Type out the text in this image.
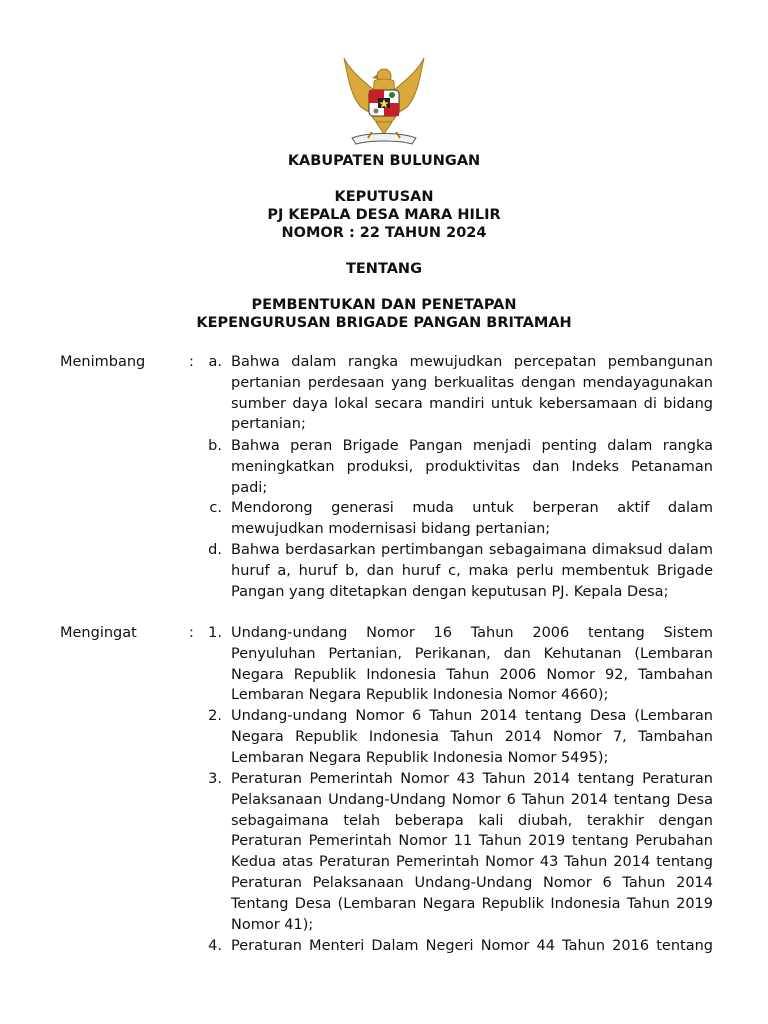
KABUPATEN BULUNGAN
KEPUTUSAN
PJ KEPALA DESA MARA HILIR
NOMOR : 22 TAHUN 2024
TENTANG
PEMBENTUKAN DAN PENETAPAN
KEPENGURUSAN BRIGADE PANGAN BRITAMAH
Menimbang	:	a. Bahwa dalam rangka mewujudkan percepatan pembangunan pertanian perdesaan yang berkualitas dengan mendayagunakan sumber daya lokal secara mandiri untuk kebersamaan di bidang pertanian;
b. Bahwa peran Brigade Pangan menjadi penting dalam rangka meningkatkan produksi, produktivitas dan Indeks Petanaman padi;
c. Mendorong generasi muda untuk berperan aktif dalam mewujudkan modernisasi bidang pertanian;
d. Bahwa berdasarkan pertimbangan sebagaimana dimaksud dalam huruf a, huruf b, dan huruf c, maka perlu membentuk Brigade Pangan yang ditetapkan dengan keputusan PJ. Kepala Desa;
Mengingat	: 1. Undang-undang Nomor 16 Tahun 2006 tentang Sistem Penyuluhan Pertanian, Perikanan, dan Kehutanan (Lembaran Negara Republik Indonesia Tahun 2006 Nomor 92, Tambahan Lembaran Negara Republik Indonesia Nomor 4660);
2. Undang-undang Nomor 6 Tahun 2014 tentang Desa (Lembaran Negara Republik Indonesia Tahun 2014 Nomor 7, Tambahan Lembaran Negara Republik Indonesia Nomor 5495);
3. Peraturan Pemerintah Nomor 43 Tahun 2014 tentang Peraturan Pelaksanaan Undang-Undang Nomor 6 Tahun 2014 tentang Desa sebagaimana telah beberapa kali diubah, terakhir dengan Peraturan Pemerintah Nomor 11 Tahun 2019 tentang Perubahan Kedua atas Peraturan Pemerintah Nomor 43 Tahun 2014 tentang Peraturan Pelaksanaan Undang-Undang Nomor 6 Tahun 2014 Tentang Desa (Lembaran Negara Republik Indonesia Tahun 2019 Nomor 41);
4. Peraturan Menteri Dalam Negeri Nomor 44 Tahun 2016 tentang
